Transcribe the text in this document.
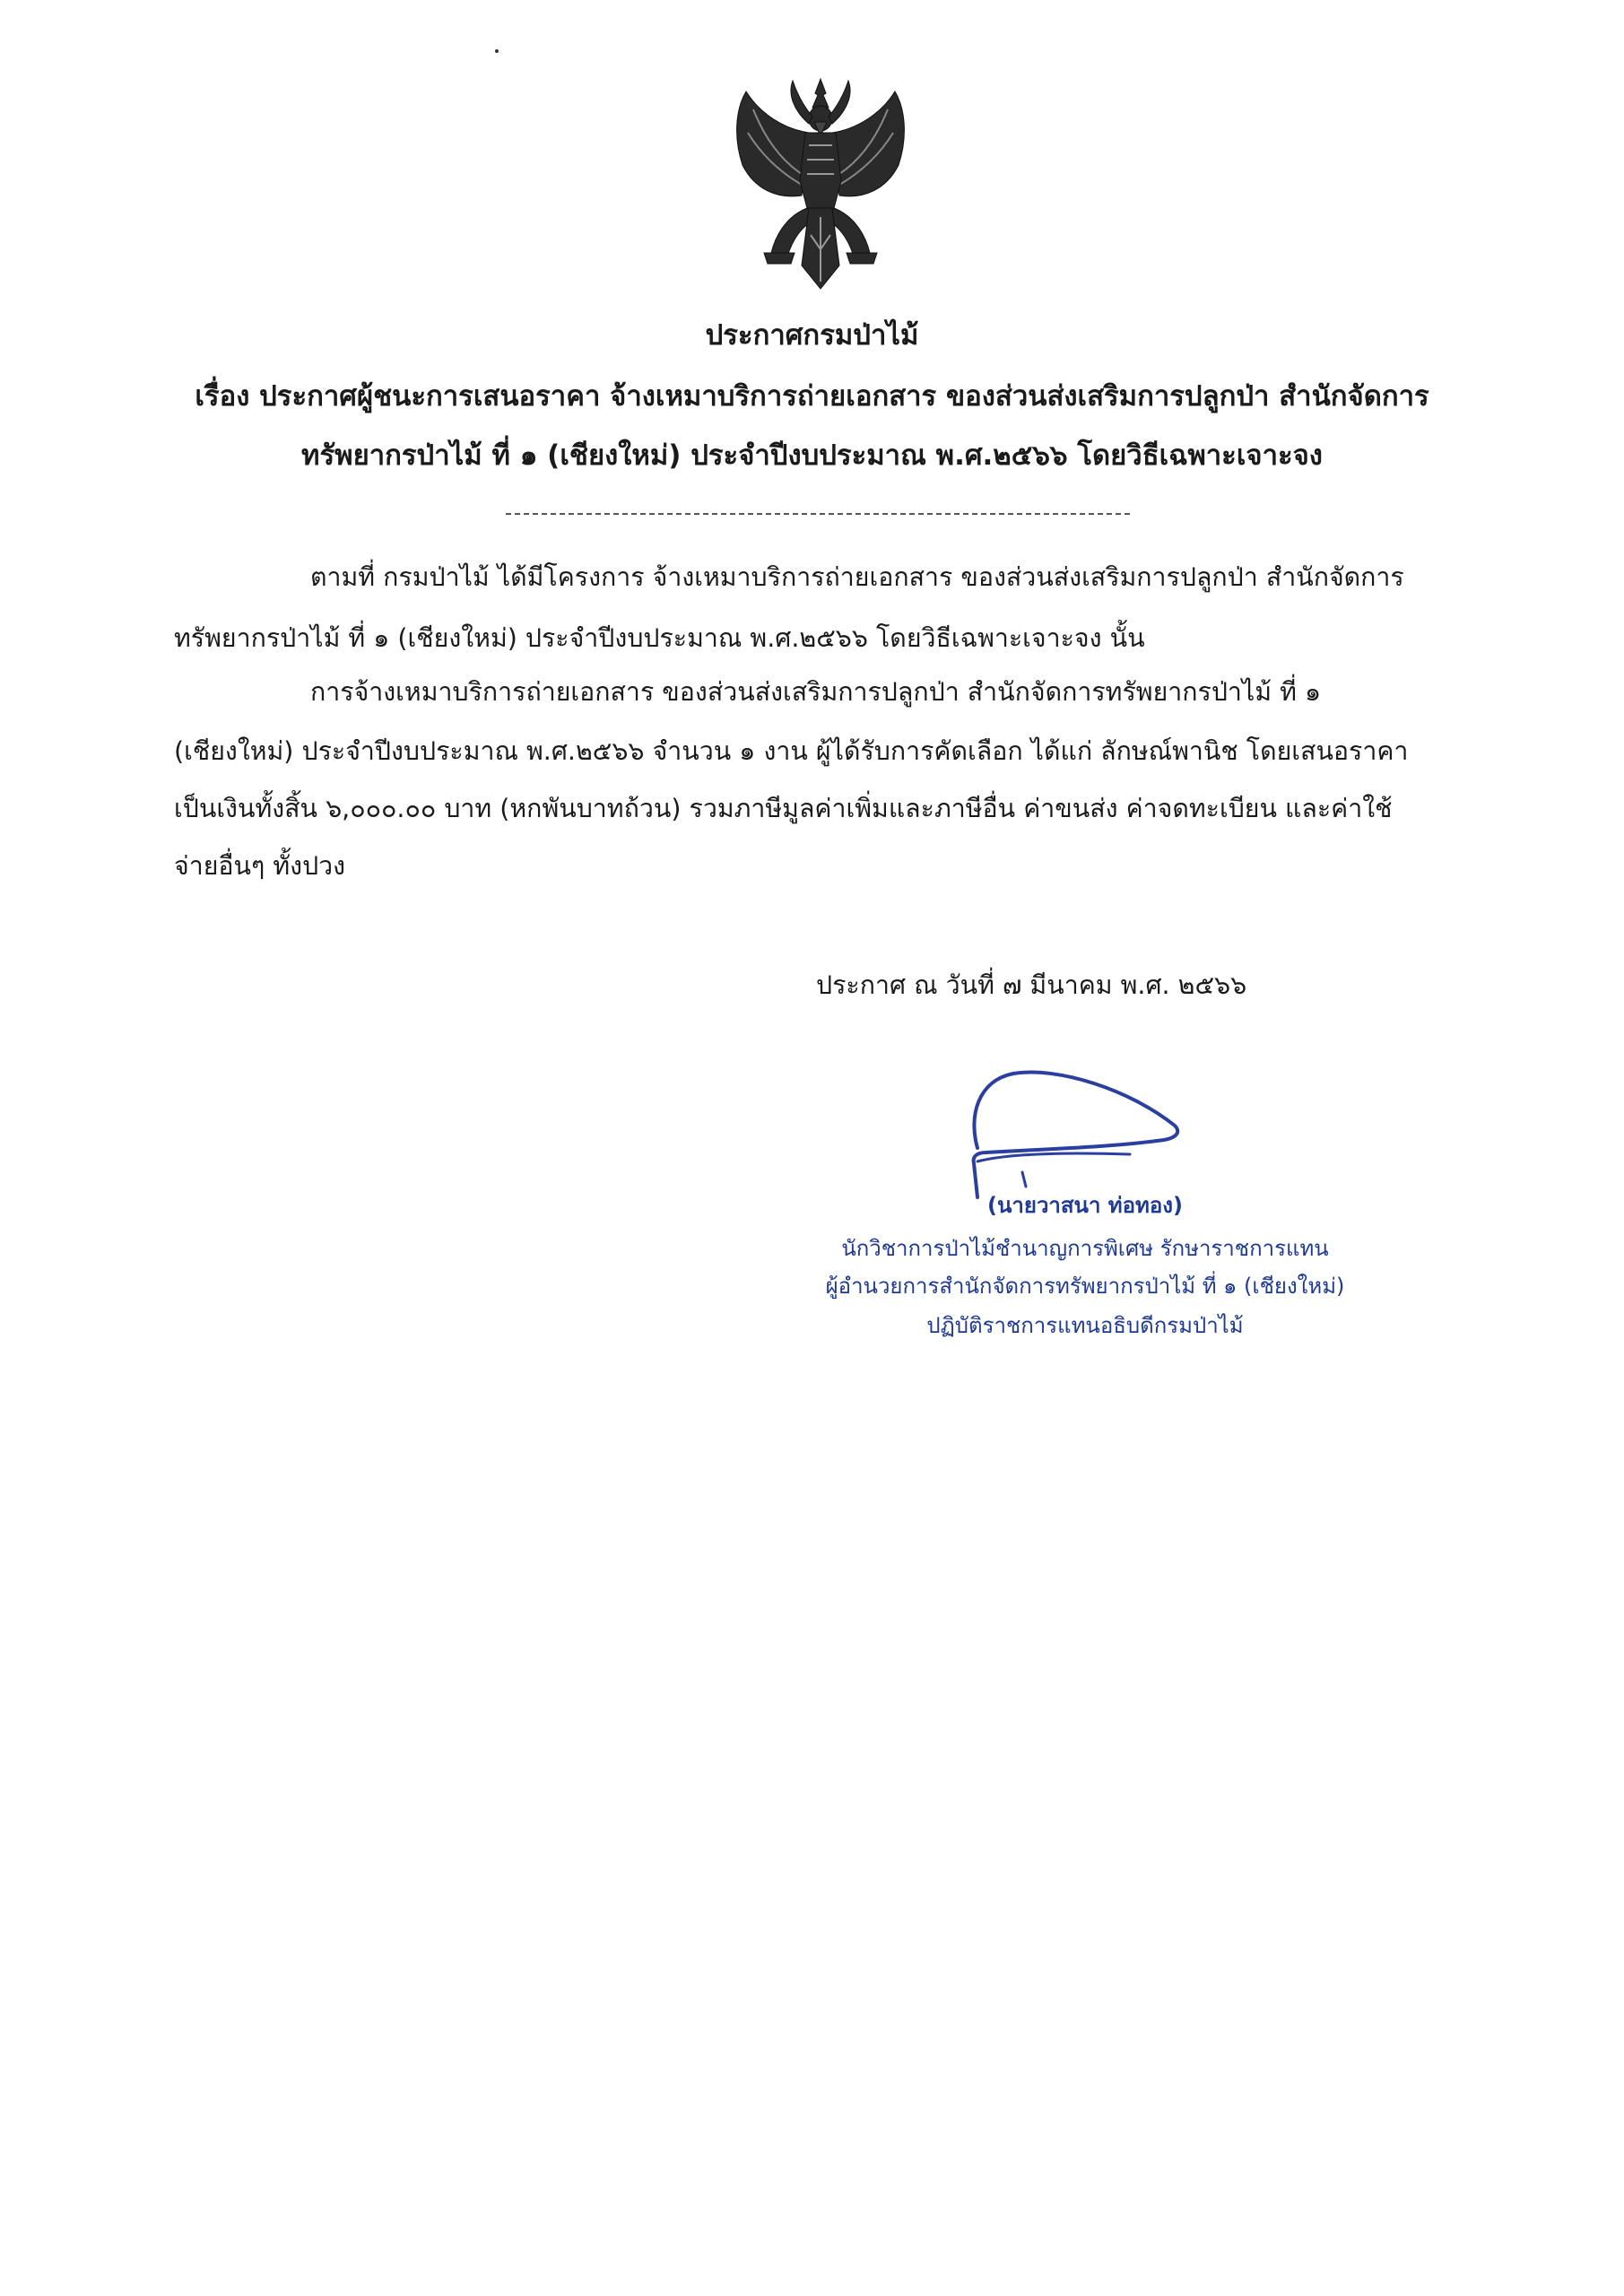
ประกาศกรมป่าไม้
เรื่อง ประกาศผู้ชนะการเสนอราคา จ้างเหมาบริการถ่ายเอกสาร ของส่วนส่งเสริมการปลูกป่า สำนักจัดการ
ทรัพยากรป่าไม้ ที่ ๑ (เชียงใหม่) ประจำปีงบประมาณ พ.ศ.๒๕๖๖ โดยวิธีเฉพาะเจาะจง
ตามที่ กรมป่าไม้ ได้มีโครงการ จ้างเหมาบริการถ่ายเอกสาร ของส่วนส่งเสริมการปลูกป่า สำนักจัดการ
ทรัพยากรป่าไม้ ที่ ๑ (เชียงใหม่) ประจำปีงบประมาณ พ.ศ.๒๕๖๖ โดยวิธีเฉพาะเจาะจง นั้น
การจ้างเหมาบริการถ่ายเอกสาร ของส่วนส่งเสริมการปลูกป่า สำนักจัดการทรัพยากรป่าไม้ ที่ ๑
(เชียงใหม่) ประจำปีงบประมาณ พ.ศ.๒๕๖๖ จำนวน ๑ งาน ผู้ได้รับการคัดเลือก ได้แก่ ลักษณ์พานิช โดยเสนอราคา
เป็นเงินทั้งสิ้น ๖,๐๐๐.๐๐ บาท (หกพันบาทถ้วน) รวมภาษีมูลค่าเพิ่มและภาษีอื่น ค่าขนส่ง ค่าจดทะเบียน และค่าใช้
จ่ายอื่นๆ ทั้งปวง
ประกาศ ณ วันที่ ๗ มีนาคม พ.ศ. ๒๕๖๖
(นายวาสนา ท่อทอง)
นักวิชาการป่าไม้ชำนาญการพิเศษ รักษาราชการแทน
ผู้อำนวยการสำนักจัดการทรัพยากรป่าไม้ ที่ ๑ (เชียงใหม่)
ปฏิบัติราชการแทนอธิบดีกรมป่าไม้
